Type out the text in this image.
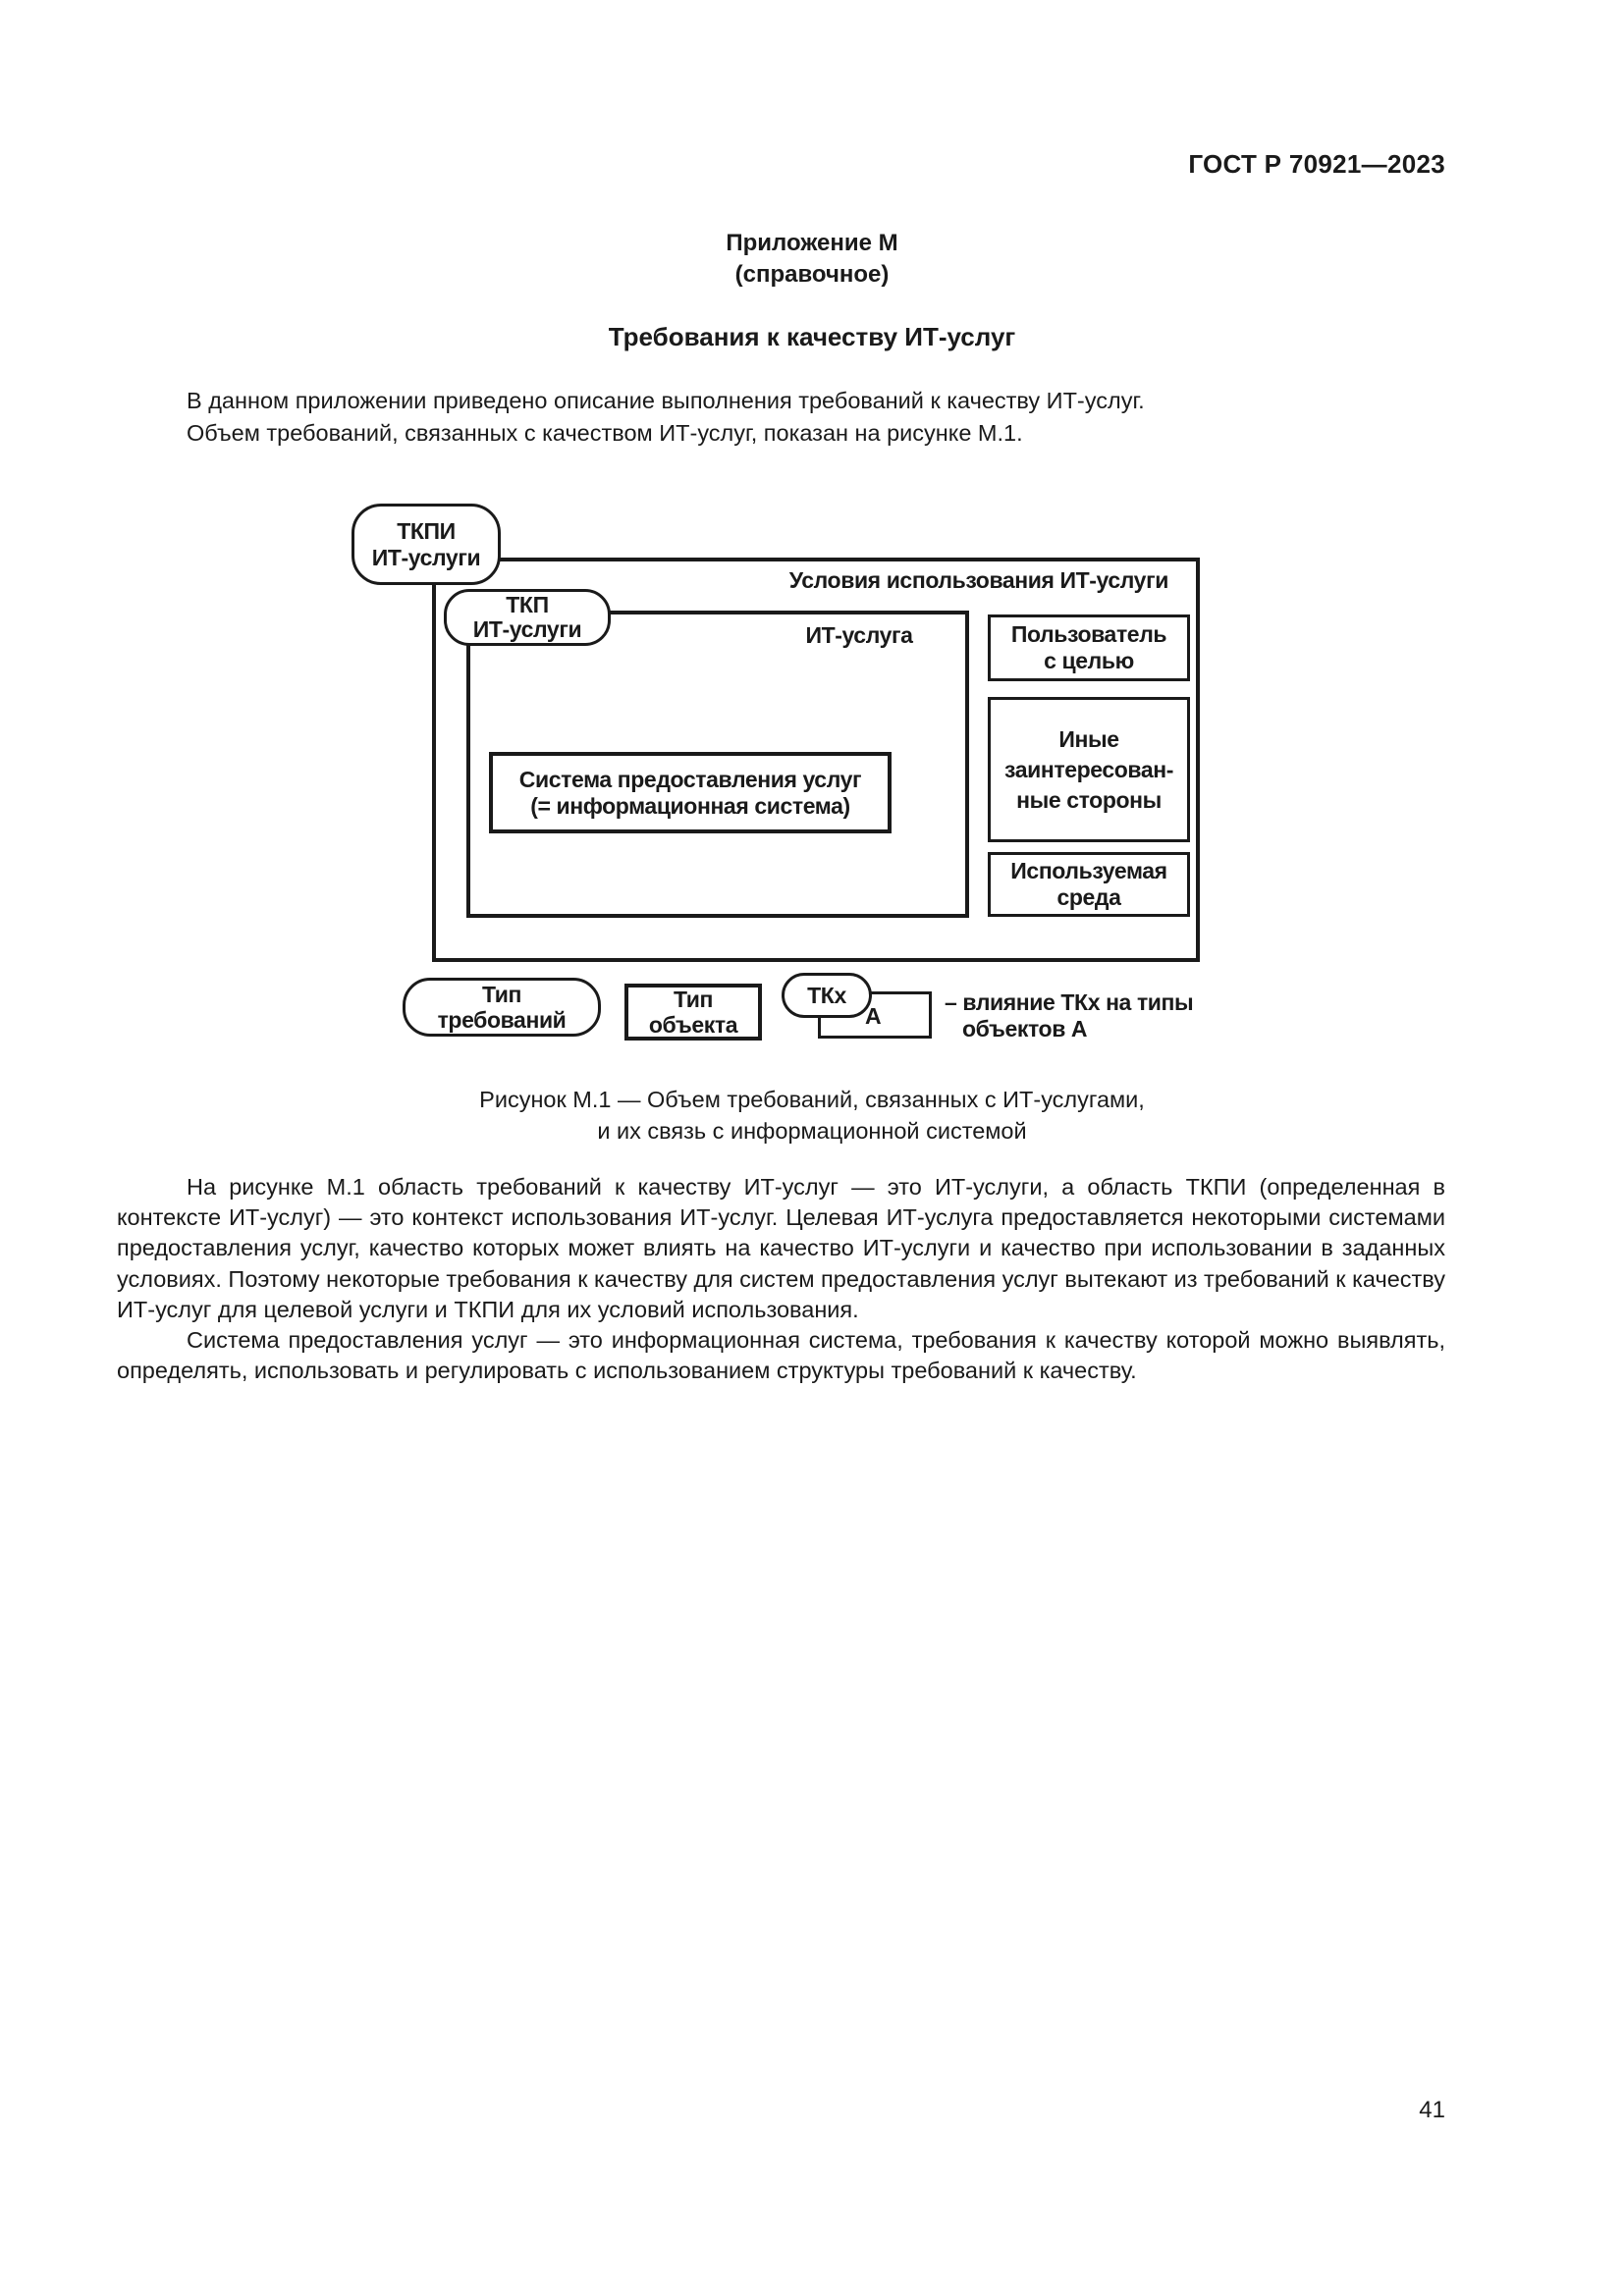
ГОСТ Р 70921—2023
Приложение М
(справочное)
Требования к качеству ИТ-услуг
В данном приложении приведено описание выполнения требований к качеству ИТ-услуг.
Объем требований, связанных с качеством ИТ-услуг, показан на рисунке М.1.
Условия использования ИТ-услуги
ТКПИ
ИТ-услуги
ИТ-услуга
ТКП
ИТ-услуги
Система предоставления услуг
(= информационная система)
Пользователь
с целью
Иные
заинтересован-
ные стороны
Используемая
среда
Тип
требований
Тип
объекта	А
ТКх	– влияние ТКх на типы
объектов А
Рисунок М.1 — Объем требований, связанных с ИТ-услугами,
и их связь с информационной системой

На рисунке М.1 область требований к качеству ИТ-услуг — это ИТ-услуги, а область ТКПИ (определенная в контексте ИТ-услуг) — это контекст использования ИТ-услуг. Целевая ИТ-услуга предоставляется некоторыми системами предоставления услуг, качество которых может влиять на качество ИТ-услуги и качество при использовании в заданных условиях. Поэтому некоторые требования к качеству для систем предоставления услуг вытекают из требований к качеству ИТ-услуг для целевой услуги и ТКПИ для их условий использования.

Система предоставления услуг — это информационная система, требования к качеству которой можно выявлять, определять, использовать и регулировать с использованием структуры требований к качеству.

41
